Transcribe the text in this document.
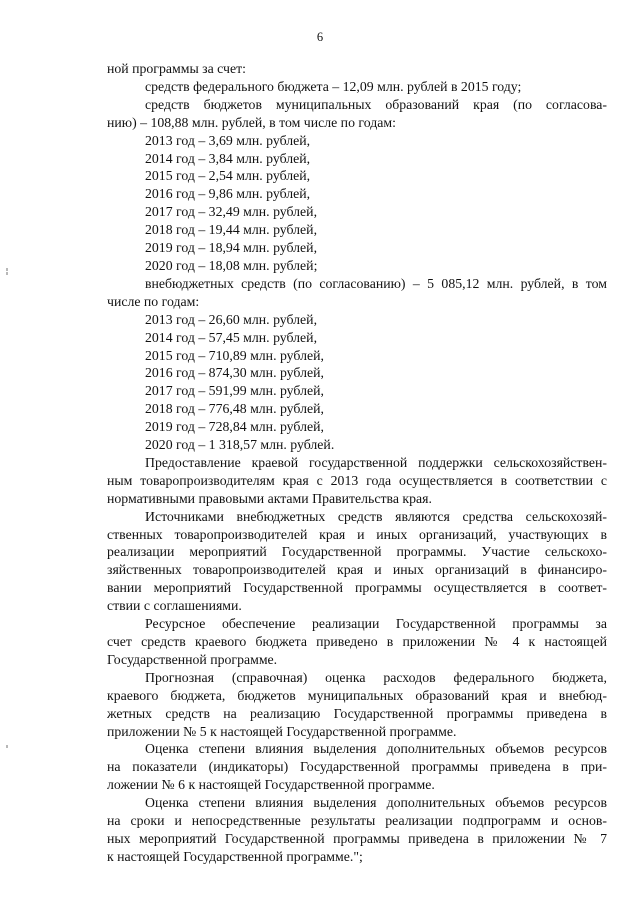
6
ной программы за счет:
средств федерального бюджета – 12,09 млн. рублей в 2015 году;
средств бюджетов муниципальных образований края (по согласова-
нию) – 108,88 млн. рублей, в том числе по годам:
2013 год – 3,69 млн. рублей,
2014 год – 3,84 млн. рублей,
2015 год – 2,54 млн. рублей,
2016 год – 9,86 млн. рублей,
2017 год – 32,49 млн. рублей,
2018 год – 19,44 млн. рублей,
2019 год – 18,94 млн. рублей,
2020 год – 18,08 млн. рублей;
внебюджетных средств (по согласованию) – 5 085,12 млн. рублей, в том
числе по годам:
2013 год – 26,60 млн. рублей,
2014 год – 57,45 млн. рублей,
2015 год – 710,89 млн. рублей,
2016 год – 874,30 млн. рублей,
2017 год – 591,99 млн. рублей,
2018 год – 776,48 млн. рублей,
2019 год – 728,84 млн. рублей,
2020 год – 1 318,57 млн. рублей.
Предоставление краевой государственной поддержки сельскохозяйствен-
ным товаропроизводителям края с 2013 года осуществляется в соответствии с
нормативными правовыми актами Правительства края.
Источниками внебюджетных средств являются средства сельскохозяй-
ственных товаропроизводителей края и иных организаций, участвующих в
реализации мероприятий Государственной программы. Участие сельскохо-
зяйственных товаропроизводителей края и иных организаций в финансиро-
вании мероприятий Государственной программы осуществляется в соответ-
ствии с соглашениями.
Ресурсное обеспечение реализации Государственной программы за
счет средств краевого бюджета приведено в приложении № 4 к настоящей
Государственной программе.
Прогнозная (справочная) оценка расходов федерального бюджета,
краевого бюджета, бюджетов муниципальных образований края и внебюд-
жетных средств на реализацию Государственной программы приведена в
приложении № 5 к настоящей Государственной программе.
Оценка степени влияния выделения дополнительных объемов ресурсов
на показатели (индикаторы) Государственной программы приведена в при-
ложении № 6 к настоящей Государственной программе.
Оценка степени влияния выделения дополнительных объемов ресурсов
на сроки и непосредственные результаты реализации подпрограмм и основ-
ных мероприятий Государственной программы приведена в приложении № 7
к настоящей Государственной программе.";
